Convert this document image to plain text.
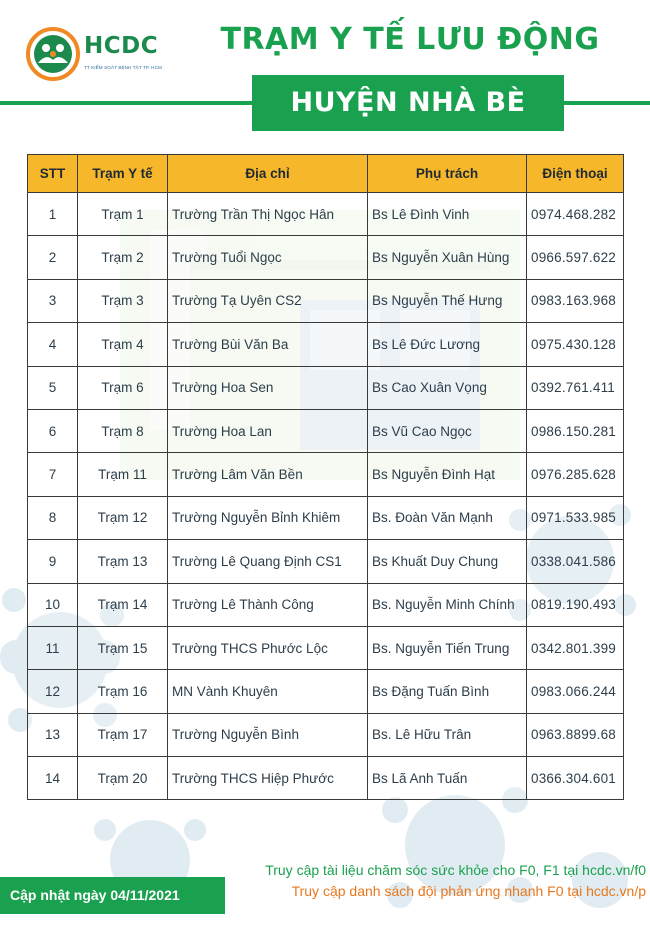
HCDC
TT KIỂM SOÁT BỆNH TẬT TP. HCM
TRẠM Y TẾ LƯU ĐỘNG
HUYỆN NHÀ BÈ
STT	Trạm Y tế	Địa chỉ	Phụ trách	Điện thoại
1	Trạm 1	Trường Trần Thị Ngọc Hân	Bs Lê Đình Vinh	0974.468.282
2	Trạm 2	Trường Tuổi Ngọc	Bs Nguyễn Xuân Hùng	0966.597.622
3	Trạm 3	Trường Tạ Uyên CS2	Bs Nguyễn Thế Hưng	0983.163.968
4	Trạm 4	Trường Bùi Văn Ba	Bs Lê Đức Lương	0975.430.128
5	Trạm 6	Trường Hoa Sen	Bs Cao Xuân Vọng	0392.761.411
6	Trạm 8	Trường Hoa Lan	Bs Vũ Cao Ngọc	0986.150.281
7	Trạm 11	Trường Lâm Văn Bền	Bs Nguyễn Đình Hạt	0976.285.628
8	Trạm 12	Trường Nguyễn Bỉnh Khiêm	Bs. Đoàn Văn Mạnh	0971.533.985
9	Trạm 13	Trường Lê Quang Định CS1	Bs Khuất Duy Chung	0338.041.586
10	Trạm 14	Trường Lê Thành Công	Bs. Nguyễn Minh Chính	0819.190.493
11	Trạm 15	Trường THCS Phước Lộc	Bs. Nguyễn Tiến Trung	0342.801.399
12	Trạm 16	MN Vành Khuyên	Bs Đặng Tuấn Bình	0983.066.244
13	Trạm 17	Trường Nguyễn Bình	Bs. Lê Hữu Trân	0963.8899.68
14	Trạm 20	Trường THCS Hiệp Phước	Bs Lã Anh Tuấn	0366.304.601
Truy cập tài liệu chăm sóc sức khỏe cho F0, F1 tại hcdc.vn/f0
Truy cập danh sách đội phản ứng nhanh F0 tại hcdc.vn/p
Cập nhật ngày 04/11/2021
